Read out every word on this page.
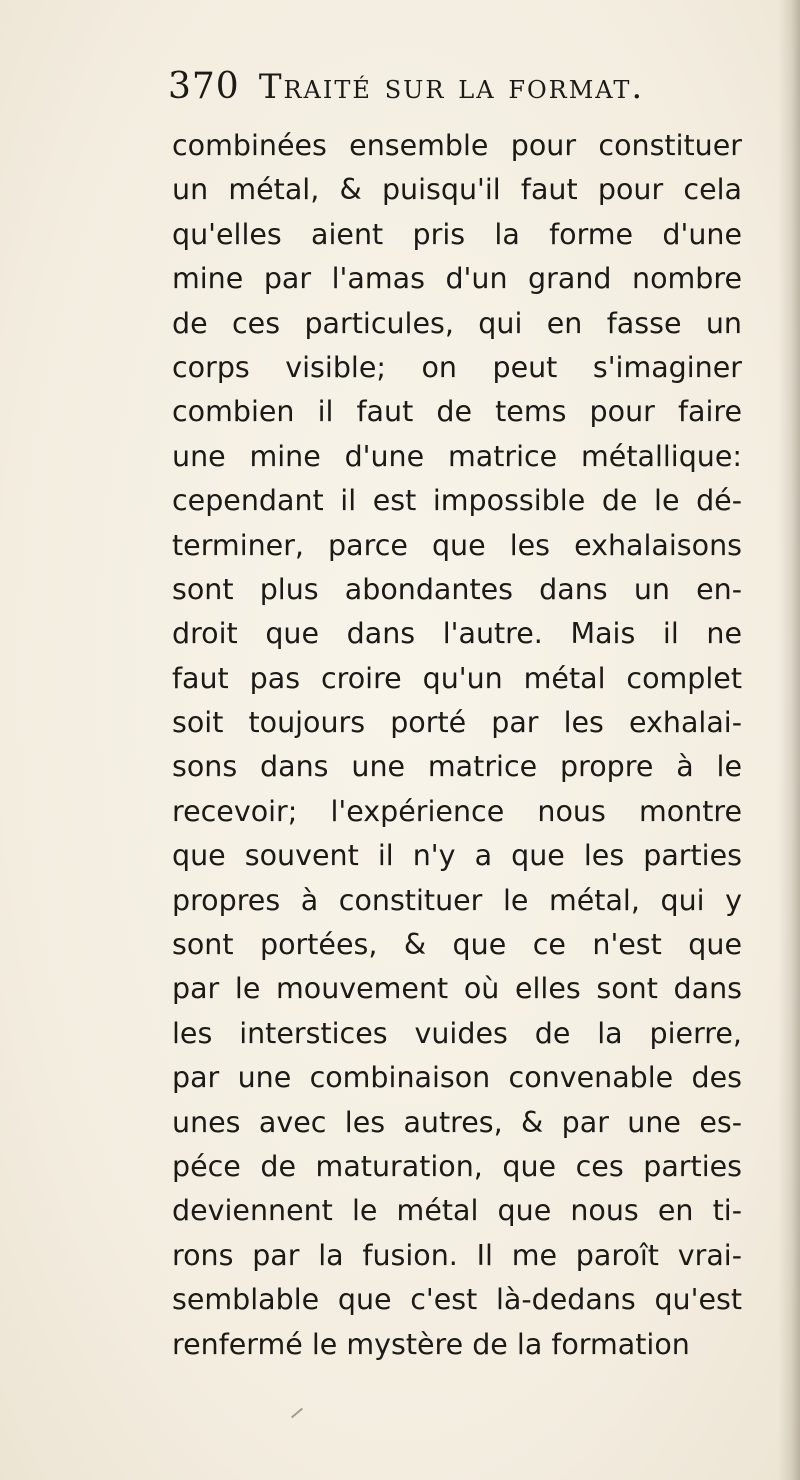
370 Traité sur la format.
combinées ensemble pour constituer
un métal, & puisqu'il faut pour cela
qu'elles aient pris la forme d'une
mine par l'amas d'un grand nombre
de ces particules, qui en fasse un
corps visible; on peut s'imaginer
combien il faut de tems pour faire
une mine d'une matrice métallique:
cependant il est impossible de le dé-
terminer, parce que les exhalaisons
sont plus abondantes dans un en-
droit que dans l'autre. Mais il ne
faut pas croire qu'un métal complet
soit toujours porté par les exhalai-
sons dans une matrice propre à le
recevoir; l'expérience nous montre
que souvent il n'y a que les parties
propres à constituer le métal, qui y
sont portées, & que ce n'est que
par le mouvement où elles sont dans
les interstices vuides de la pierre,
par une combinaison convenable des
unes avec les autres, & par une es-
péce de maturation, que ces parties
deviennent le métal que nous en ti-
rons par la fusion. Il me paroît vrai-
semblable que c'est là-dedans qu'est
renfermé le mystère de la formation
